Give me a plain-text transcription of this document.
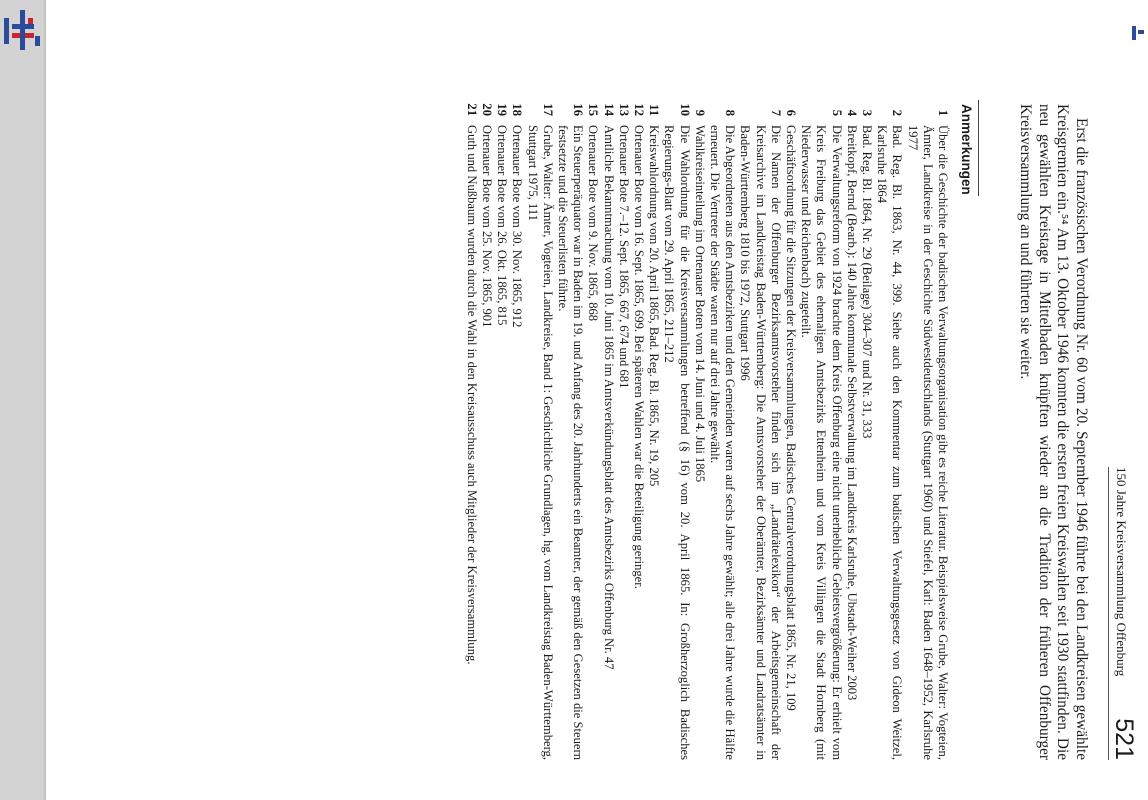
150 Jahre Kreisversammlung Offenburg
521

Erst die französischen Verordnung Nr. 60 vom 20. September 1946 führte bei den Landkreisen gewählte Kreisgremien ein.⁵⁴ Am 13. Oktober 1946 konnten die ersten freien Kreiswahlen seit 1930 stattfinden. Die neu gewählten Kreistage in Mittelbaden knüpften wieder an die Tradition der früheren Offenburger Kreisversammlung an und führten sie weiter.

Anmerkungen
1
Über die Geschichte der badischen Verwaltungsorganisation gibt es reiche Literatur. Beispielsweise Grube, Walter: Vogteien, Ämter, Landkreise in der Geschichte Südwestdeutschlands (Stuttgart 1960) und Stiefel, Karl: Baden 1648–1952, Karlsruhe 1977
2
Bad. Reg. Bl. 1863, Nr. 44, 399. Siehe auch den Kommentar zum badischen Verwaltungsgesetz von Gideon Weitzel, Karlsruhe 1864
3
Bad. Reg. Bl. 1864, Nr. 29 (Beilage) 304–307 und Nr. 31, 333
4
Breitkopf, Bernd (Bearb.): 140 Jahre kommunale Selbstverwaltung im Landkreis Karlsruhe, Ubstadt-Weiher 2003
5
Die Verwaltungsreform von 1924 brachte dem Kreis Offenburg eine nicht unerhebliche Gebietsvergrößerung: Er erhielt vom Kreis Freiburg das Gebiet des ehemaligen Amtsbezirks Ettenheim und vom Kreis Villingen die Stadt Hornberg (mit Niederwasser und Reichenbach) zugeteilt.
6
Geschäftsordnung für die Sitzungen der Kreisversammlungen, Badisches Centralverordnungsblatt 1865, Nr. 21, 109
7
Die Namen der Offenburger Bezirksamtsvorsteher finden sich im „Landrätelexikon“ der Arbeitsgemeinschaft der Kreisarchive im Landkreistag Baden-Württemberg: Die Amtsvorsteher der Oberämter, Bezirksämter und Landratsämter in Baden-Württemberg 1810 bis 1972, Stuttgart 1996
8
Die Abgeordneten aus den Amtsbezirken und den Gemeinden waren auf sechs Jahre gewählt; alle drei Jahre wurde die Hälfte erneuert. Die Vertreter der Städte waren nur auf drei Jahre gewählt.
9
Wahlkreiseinteilung im Ortenauer Boten vom 14. Juni und 4. Juli 1865
10
Die Wahlordnung für die Kreisversammlungen betreffend (§ 16) vom 20. April 1865. In: Großherzoglich Badisches Regierungs-Blatt vom 29. April 1865, 211–212
11
Kreiswahlordnung vom 20. April 1865, Bad. Reg. Bl. 1865, Nr. 19, 205
12
Ortenauer Bote vom 16. Sept. 1865, 699. Bei späteren Wahlen war die Beteiligung geringer.
13
Ortenauer Bote 7.–12. Sept. 1865, 667, 674 und 681
14
Amtliche Bekanntmachung vom 10. Juni 1865 im Amtsverkündungsblatt des Amtsbezirks Offenburg Nr. 47
15
Ortenauer Bote vom 9. Nov. 1865, 868
16
Ein Steuerperäquator war in Baden im 19. und Anfang des 20. Jahrhunderts ein Beamter, der gemäß den Gesetzen die Steuern festsetzte und die Steuerlisten führte.
17
Grube, Walter: Ämter, Vogteien, Landkreise, Band 1: Geschichtliche Grundlagen, hg. vom Landkreistag Baden-Württemberg, Stuttgart 1975, 111
18
Ortenauer Bote vom 30. Nov. 1865, 912
19
Ortenauer Bote vom 26. Okt. 1865, 815
20
Ortenauer Bote vom 25. Nov. 1865, 901
21
Guth und Nußbaum wurden durch die Wahl in den Kreisausschuss auch Mitglieder der Kreisversammlung.
